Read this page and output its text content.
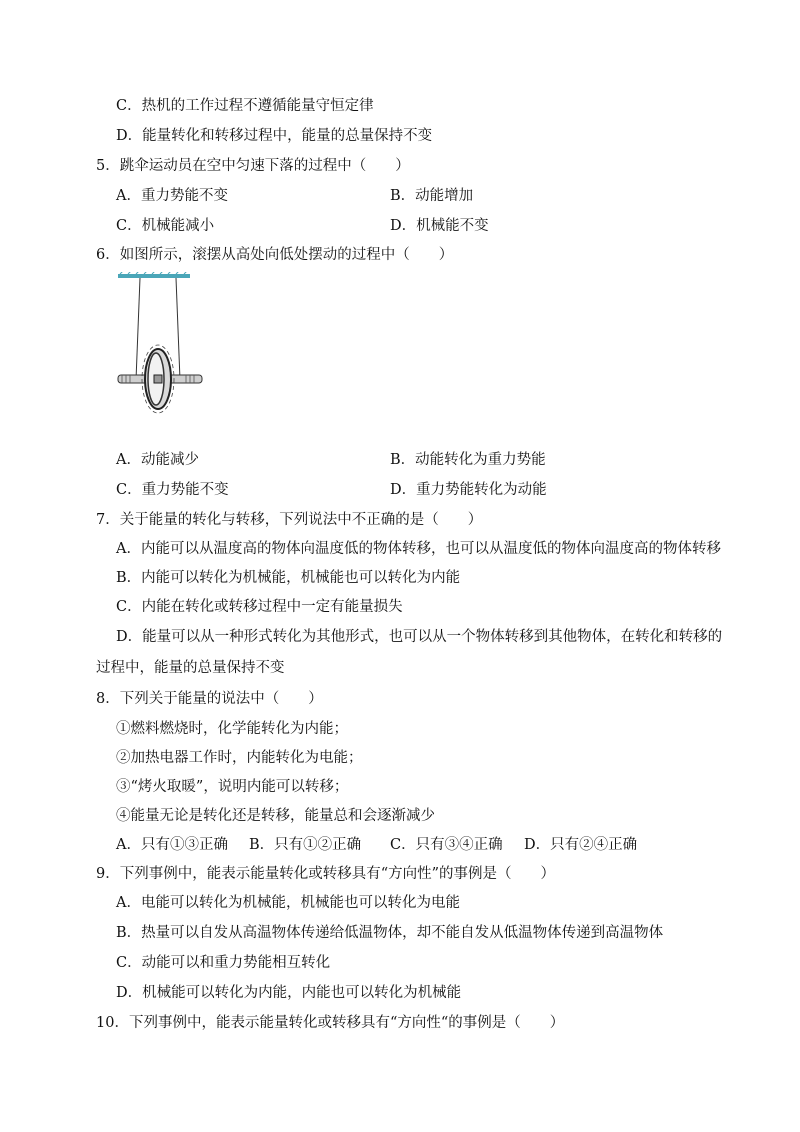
C．热机的工作过程不遵循能量守恒定律
D．能量转化和转移过程中，能量的总量保持不变
5．跳伞运动员在空中匀速下落的过程中（　　）
A．重力势能不变	B．动能增加
C．机械能减小	D．机械能不变
6．如图所示，滚摆从高处向低处摆动的过程中（　　）
A．动能减少	B．动能转化为重力势能
C．重力势能不变	D．重力势能转化为动能
7．关于能量的转化与转移，下列说法中不正确的是（　　）
A．内能可以从温度高的物体向温度低的物体转移，也可以从温度低的物体向温度高的物体转移
B．内能可以转化为机械能，机械能也可以转化为内能
C．内能在转化或转移过程中一定有能量损失
D．能量可以从一种形式转化为其他形式，也可以从一个物体转移到其他物体，在转化和转移的
过程中，能量的总量保持不变
8．下列关于能量的说法中（　　）
①燃料燃烧时，化学能转化为内能；
②加热电器工作时，内能转化为电能；
③“烤火取暖”，说明内能可以转移；
④能量无论是转化还是转移，能量总和会逐渐减少
A．只有①③正确 B．只有①②正确 C．只有③④正确 D．只有②④正确
9．下列事例中，能表示能量转化或转移具有“方向性”的事例是（　　）
A．电能可以转化为机械能，机械能也可以转化为电能
B．热量可以自发从高温物体传递给低温物体，却不能自发从低温物体传递到高温物体
C．动能可以和重力势能相互转化
D．机械能可以转化为内能，内能也可以转化为机械能
10．下列事例中，能表示能量转化或转移具有“方向性“的事例是（　　）
